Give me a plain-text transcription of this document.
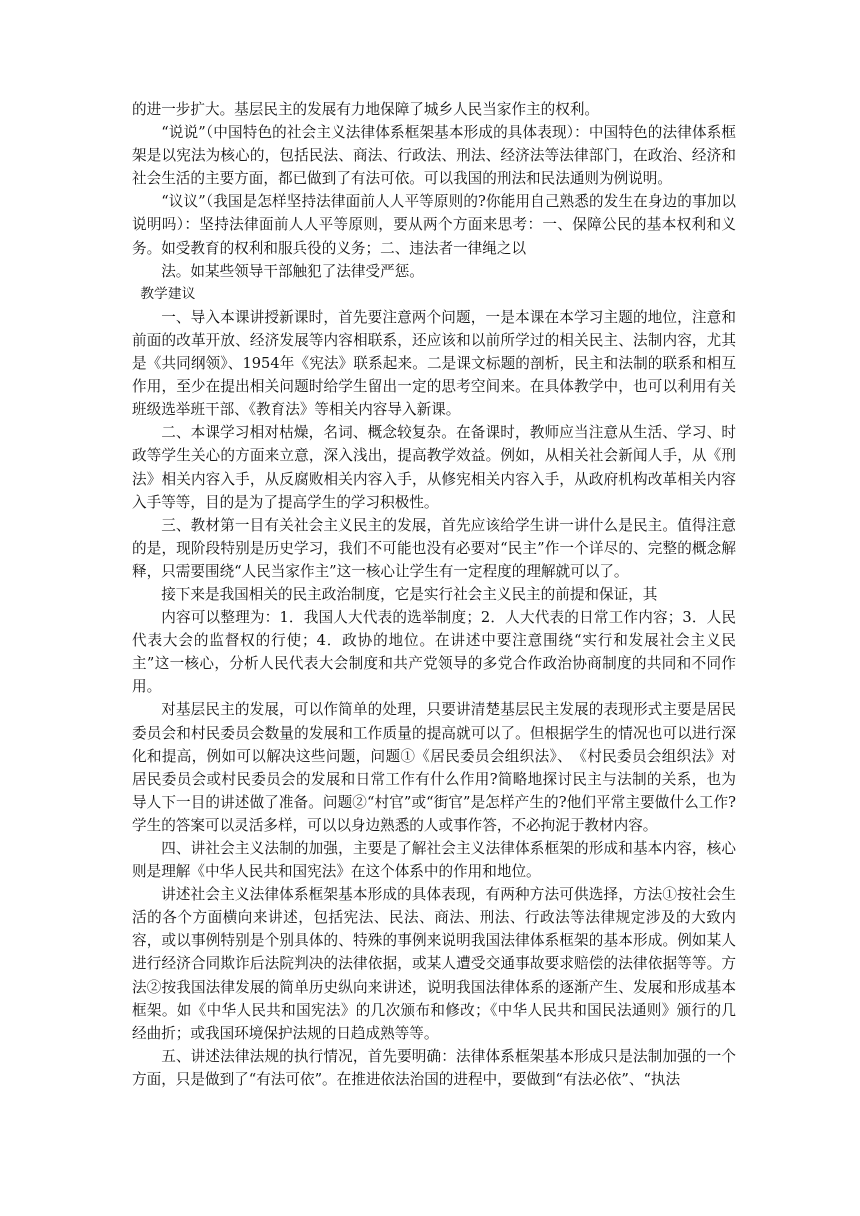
的进一步扩大。基层民主的发展有力地保障了城乡人民当家作主的权利。

“说说”（中国特色的社会主义法律体系框架基本形成的具体表现）：中国特色的法律体系框架是以宪法为核心的，包括民法、商法、行政法、刑法、经济法等法律部门，在政治、经济和社会生活的主要方面，都已做到了有法可依。可以我国的刑法和民法通则为例说明。

“议议”（我国是怎样坚持法律面前人人平等原则的?你能用自己熟悉的发生在身边的事加以说明吗）：坚持法律面前人人平等原则，要从两个方面来思考：一、保障公民的基本权利和义务。如受教育的权利和服兵役的义务；二、违法者一律绳之以

法。如某些领导干部触犯了法律受严惩。

教学建议

一、导入本课讲授新课时，首先要注意两个问题，一是本课在本学习主题的地位，注意和前面的改革开放、经济发展等内容相联系，还应该和以前所学过的相关民主、法制内容，尤其是《共同纲领》、1954年《宪法》联系起来。二是课文标题的剖析，民主和法制的联系和相互作用，至少在提出相关问题时给学生留出一定的思考空间来。在具体教学中，也可以利用有关班级选举班干部、《教育法》等相关内容导入新课。

二、本课学习相对枯燥，名词、概念较复杂。在备课时，教师应当注意从生活、学习、时政等学生关心的方面来立意，深入浅出，提高教学效益。例如，从相关社会新闻人手，从《刑法》相关内容入手，从反腐败相关内容入手，从修宪相关内容入手，从政府机构改革相关内容入手等等，目的是为了提高学生的学习积极性。

三、教材第一目有关社会主义民主的发展，首先应该给学生讲一讲什么是民主。值得注意的是，现阶段特别是历史学习，我们不可能也没有必要对“民主”作一个详尽的、完整的概念解释，只需要围绕“人民当家作主”这一核心让学生有一定程度的理解就可以了。

接下来是我国相关的民主政治制度，它是实行社会主义民主的前提和保证，其

内容可以整理为：1．我国人大代表的选举制度；2．人大代表的日常工作内容；3．人民代表大会的监督权的行使；4．政协的地位。在讲述中要注意围绕“实行和发展社会主义民主”这一核心，分析人民代表大会制度和共产党领导的多党合作政治协商制度的共同和不同作用。

对基层民主的发展，可以作简单的处理，只要讲清楚基层民主发展的表现形式主要是居民委员会和村民委员会数量的发展和工作质量的提高就可以了。但根据学生的情况也可以进行深化和提高，例如可以解决这些问题，问题①《居民委员会组织法》、　《村民委员会组织法》对居民委员会或村民委员会的发展和日常工作有什么作用?简略地探讨民主与法制的关系，也为导人下一目的讲述做了准备。问题②“村官”或“街官”是怎样产生的?他们平常主要做什么工作?学生的答案可以灵活多样，可以以身边熟悉的人或事作答，不必拘泥于教材内容。

四、讲社会主义法制的加强，主要是了解社会主义法律体系框架的形成和基本内容，核心则是理解《中华人民共和国宪法》在这个体系中的作用和地位。

讲述社会主义法律体系框架基本形成的具体表现，有两种方法可供选择，方法①按社会生活的各个方面横向来讲述，包括宪法、民法、商法、刑法、行政法等法律规定涉及的大致内容，或以事例特别是个别具体的、特殊的事例来说明我国法律体系框架的基本形成。例如某人进行经济合同欺诈后法院判决的法律依据，或某人遭受交通事故要求赔偿的法律依据等等。方法②按我国法律发展的简单历史纵向来讲述，说明我国法律体系的逐渐产生、发展和形成基本框架。如《中华人民共和国宪法》的几次颁布和修改；《中华人民共和国民法通则》颁行的几经曲折；或我国环境保护法规的日趋成熟等等。

五、讲述法律法规的执行情况，首先要明确：法律体系框架基本形成只是法制加强的一个方面，只是做到了“有法可依”。在推进依法治国的进程中，要做到“有法必依”、“执法
